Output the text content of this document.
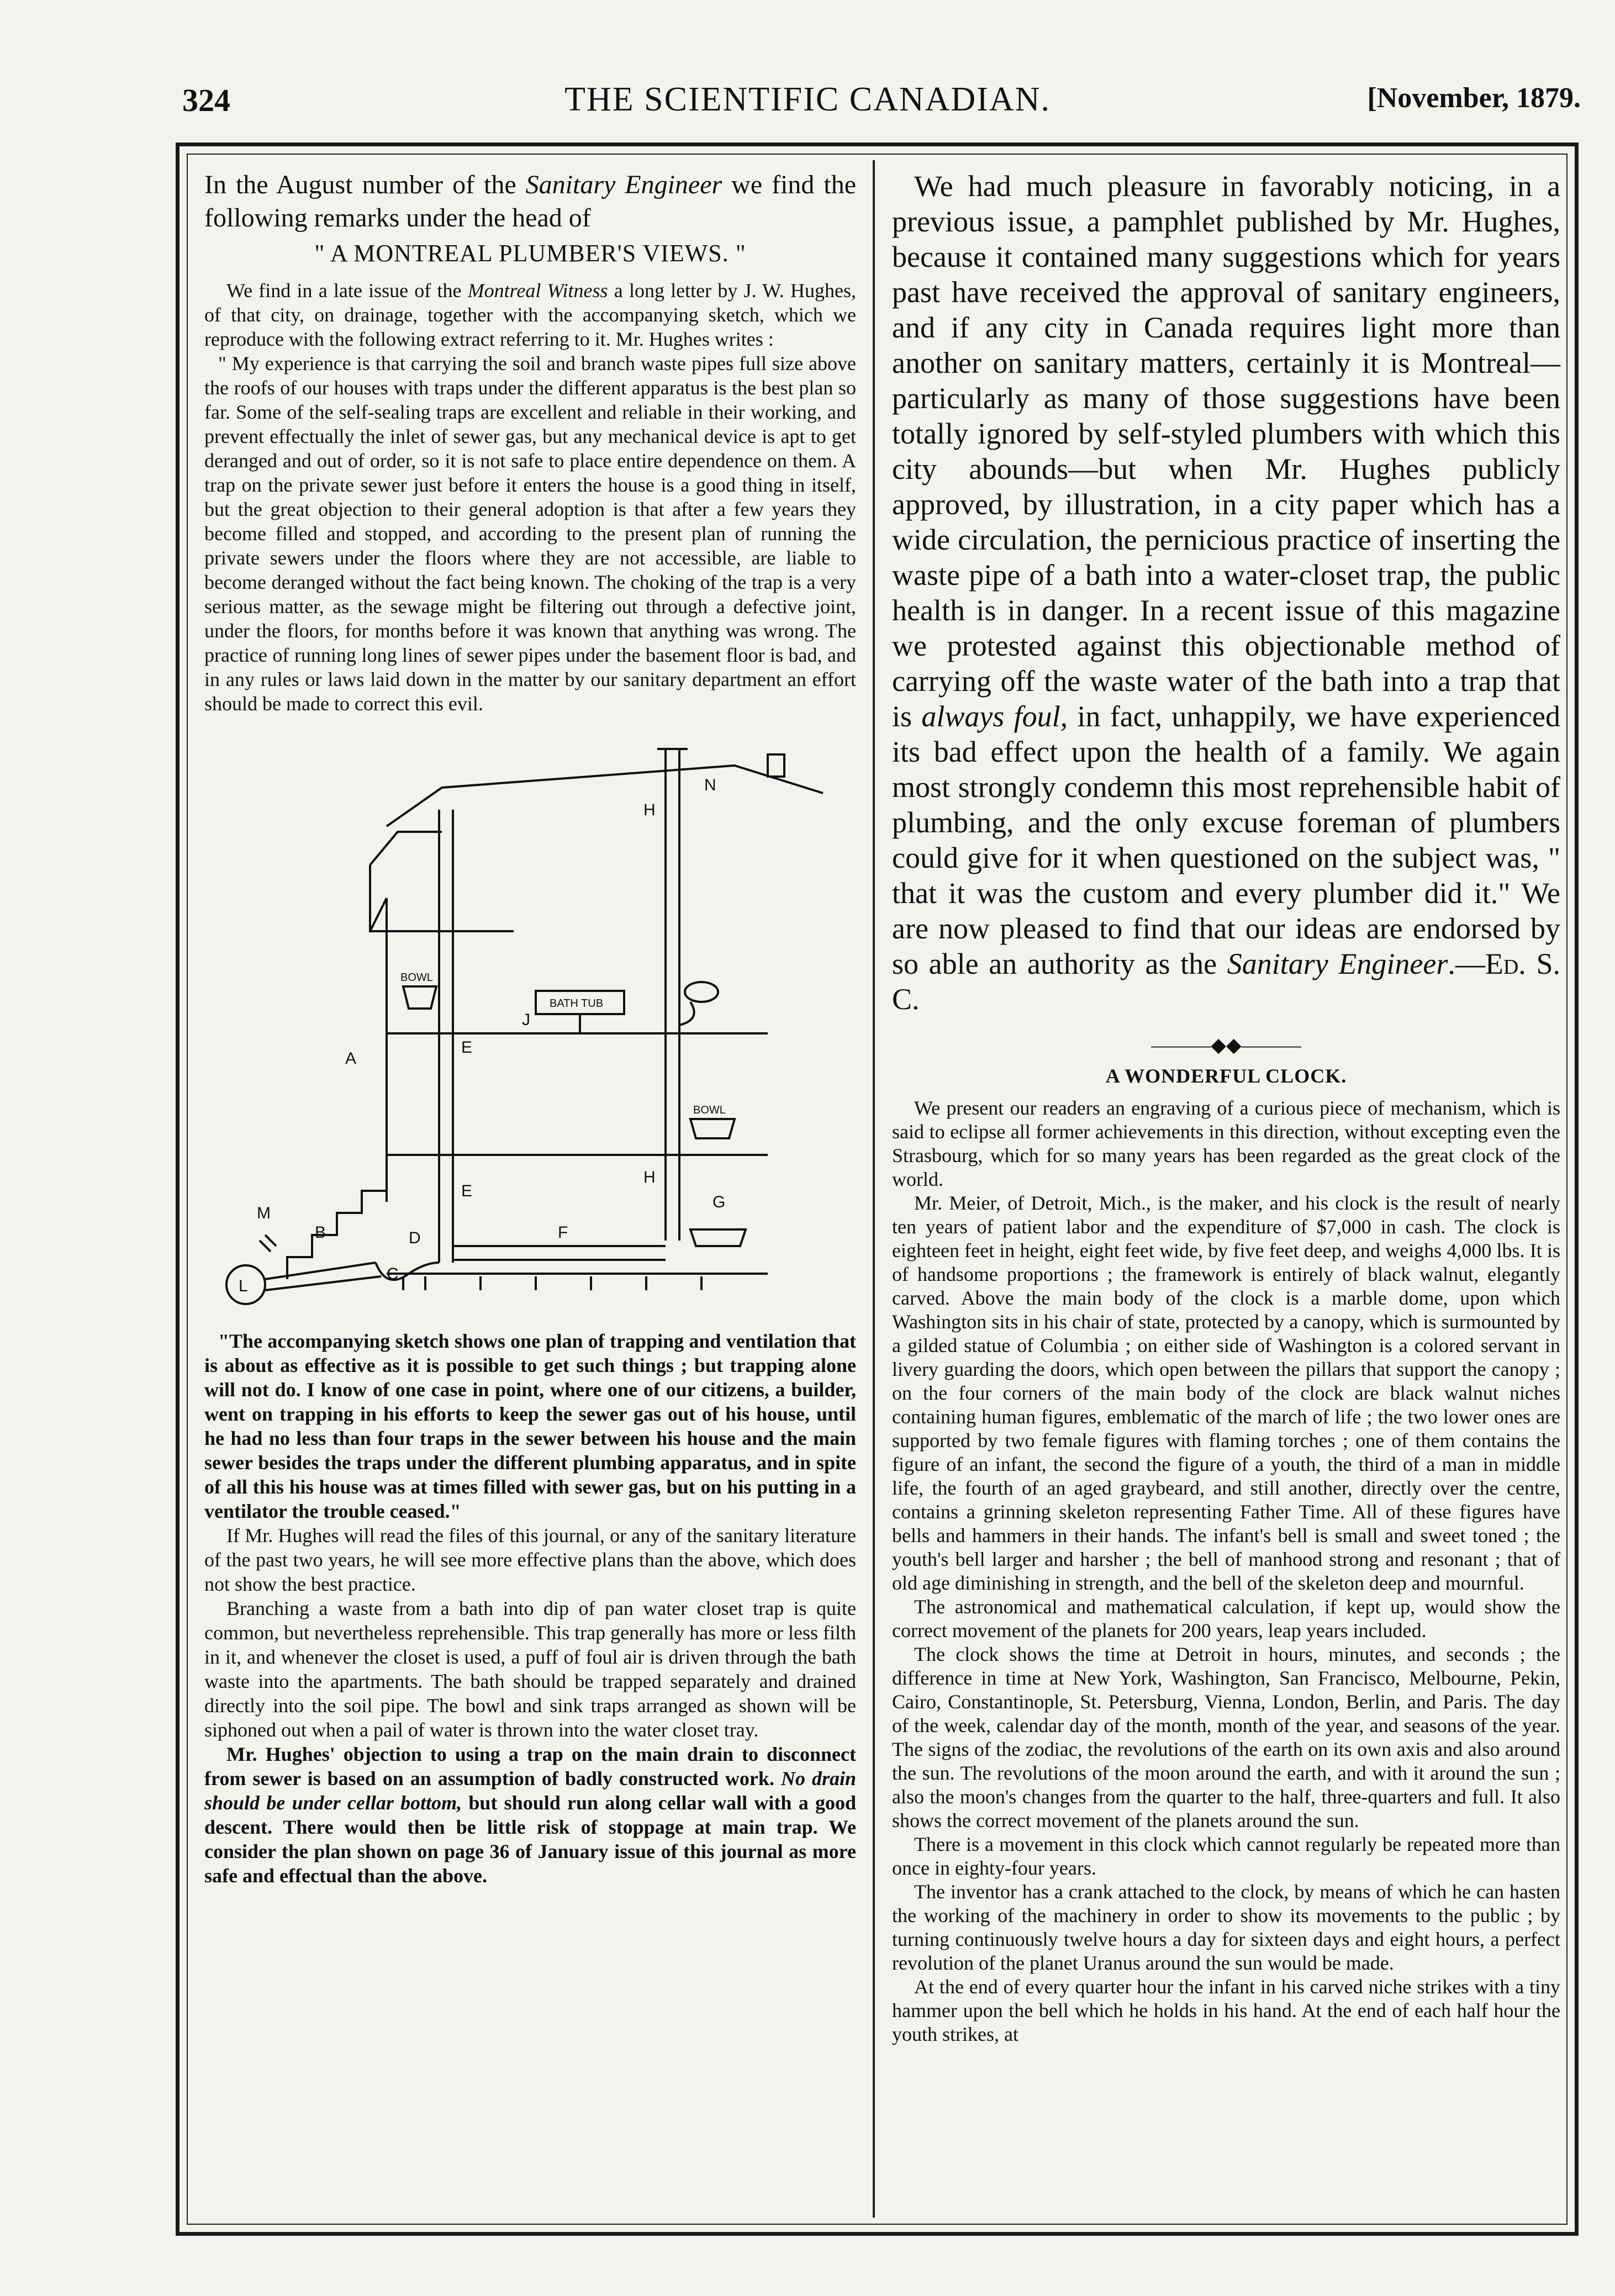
324	THE SCIENTIFIC CANADIAN.	[November, 1879.

In the August number of the Sanitary Engineer we find the following remarks under the head of

" A MONTREAL PLUMBER'S VIEWS. "

We find in a late issue of the Montreal Witness a long letter by J. W. Hughes, of that city, on drainage, together with the accompanying sketch, which we reproduce with the following extract referring to it. Mr. Hughes writes :

" My experience is that carrying the soil and branch waste pipes full size above the roofs of our houses with traps under the different apparatus is the best plan so far. Some of the self-sealing traps are excellent and reliable in their working, and prevent effectually the inlet of sewer gas, but any mechanical device is apt to get deranged and out of order, so it is not safe to place entire dependence on them. A trap on the private sewer just before it enters the house is a good thing in itself, but the great objection to their general adoption is that after a few years they become filled and stopped, and according to the present plan of running the private sewers under the floors where they are not accessible, are liable to become deranged without the fact being known. The choking of the trap is a very serious matter, as the sewage might be filtering out through a defective joint, under the floors, for months before it was known that anything was wrong. The practice of running long lines of sewer pipes under the basement floor is bad, and in any rules or laws laid down in the matter by our sanitary department an effort should be made to correct this evil.

A
B
C
D
E
E
F
G
H
H
J
L
M
N
BOWL
BOWL
BATH TUB

"The accompanying sketch shows one plan of trapping and ventilation that is about as effective as it is possible to get such things ; but trapping alone will not do. I know of one case in point, where one of our citizens, a builder, went on trapping in his efforts to keep the sewer gas out of his house, until he had no less than four traps in the sewer between his house and the main sewer besides the traps under the different plumbing apparatus, and in spite of all this his house was at times filled with sewer gas, but on his putting in a ventilator the trouble ceased."

If Mr. Hughes will read the files of this journal, or any of the sanitary literature of the past two years, he will see more effective plans than the above, which does not show the best practice.

Branching a waste from a bath into dip of pan water closet trap is quite common, but nevertheless reprehensible. This trap generally has more or less filth in it, and whenever the closet is used, a puff of foul air is driven through the bath waste into the apartments. The bath should be trapped separately and drained directly into the soil pipe. The bowl and sink traps arranged as shown will be siphoned out when a pail of water is thrown into the water closet tray.

Mr. Hughes' objection to using a trap on the main drain to disconnect from sewer is based on an assumption of badly constructed work. No drain should be under cellar bottom, but should run along cellar wall with a good descent. There would then be little risk of stoppage at main trap. We consider the plan shown on page 36 of January issue of this journal as more safe and effectual than the above.

We had much pleasure in favorably noticing, in a previous issue, a pamphlet published by Mr. Hughes, because it contained many suggestions which for years past have received the approval of sanitary engineers, and if any city in Canada requires light more than another on sanitary matters, certainly it is Montreal—particularly as many of those suggestions have been totally ignored by self-styled plumbers with which this city abounds—but when Mr. Hughes publicly approved, by illustration, in a city paper which has a wide circulation, the pernicious practice of inserting the waste pipe of a bath into a water-closet trap, the public health is in danger. In a recent issue of this magazine we protested against this objectionable method of carrying off the waste water of the bath into a trap that is always foul, in fact, unhappily, we have experienced its bad effect upon the health of a family. We again most strongly condemn this most reprehensible habit of plumbing, and the only excuse foreman of plumbers could give for it when questioned on the subject was, " that it was the custom and every plumber did it." We are now pleased to find that our ideas are endorsed by so able an authority as the Sanitary Engineer.—Ed. S. C.

———◆◆———
A WONDERFUL CLOCK.

We present our readers an engraving of a curious piece of mechanism, which is said to eclipse all former achievements in this direction, without excepting even the Strasbourg, which for so many years has been regarded as the great clock of the world.

Mr. Meier, of Detroit, Mich., is the maker, and his clock is the result of nearly ten years of patient labor and the expenditure of $7,000 in cash. The clock is eighteen feet in height, eight feet wide, by five feet deep, and weighs 4,000 lbs. It is of handsome proportions ; the framework is entirely of black walnut, elegantly carved. Above the main body of the clock is a marble dome, upon which Washington sits in his chair of state, protected by a canopy, which is surmounted by a gilded statue of Columbia ; on either side of Washington is a colored servant in livery guarding the doors, which open between the pillars that support the canopy ; on the four corners of the main body of the clock are black walnut niches containing human figures, emblematic of the march of life ; the two lower ones are supported by two female figures with flaming torches ; one of them contains the figure of an infant, the second the figure of a youth, the third of a man in middle life, the fourth of an aged graybeard, and still another, directly over the centre, contains a grinning skeleton representing Father Time. All of these figures have bells and hammers in their hands. The infant's bell is small and sweet toned ; the youth's bell larger and harsher ; the bell of manhood strong and resonant ; that of old age diminishing in strength, and the bell of the skeleton deep and mournful.

The astronomical and mathematical calculation, if kept up, would show the correct movement of the planets for 200 years, leap years included.

The clock shows the time at Detroit in hours, minutes, and seconds ; the difference in time at New York, Washington, San Francisco, Melbourne, Pekin, Cairo, Constantinople, St. Petersburg, Vienna, London, Berlin, and Paris. The day of the week, calendar day of the month, month of the year, and seasons of the year. The signs of the zodiac, the revolutions of the earth on its own axis and also around the sun. The revolutions of the moon around the earth, and with it around the sun ; also the moon's changes from the quarter to the half, three-quarters and full. It also shows the correct movement of the planets around the sun.

There is a movement in this clock which cannot regularly be repeated more than once in eighty-four years.

The inventor has a crank attached to the clock, by means of which he can hasten the working of the machinery in order to show its movements to the public ; by turning continuously twelve hours a day for sixteen days and eight hours, a perfect revolution of the planet Uranus around the sun would be made.

At the end of every quarter hour the infant in his carved niche strikes with a tiny hammer upon the bell which he holds in his hand. At the end of each half hour the youth strikes, at
